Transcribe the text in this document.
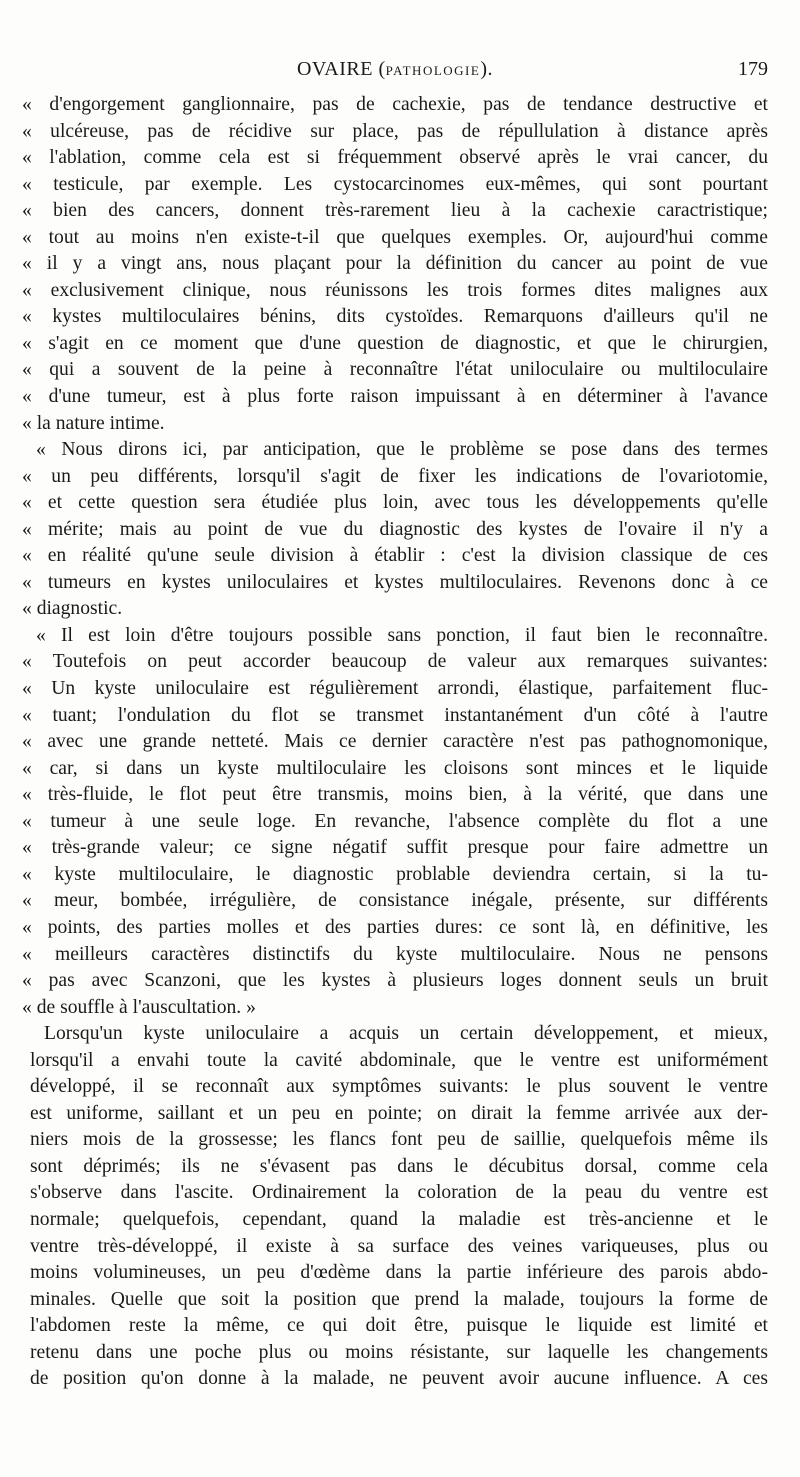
OVAIRE (PATHOLOGIE).	179
« d'engorgement ganglionnaire, pas de cachexie, pas de tendance destructive et
« ulcéreuse, pas de récidive sur place, pas de répullulation à distance après
« l'ablation, comme cela est si fréquemment observé après le vrai cancer, du
« testicule, par exemple. Les cystocarcinomes eux-mêmes, qui sont pourtant
« bien des cancers, donnent très-rarement lieu à la cachexie caractristique;
« tout au moins n'en existe-t-il que quelques exemples. Or, aujourd'hui comme
« il y a vingt ans, nous plaçant pour la définition du cancer au point de vue
« exclusivement clinique, nous réunissons les trois formes dites malignes aux
« kystes multiloculaires bénins, dits cystoïdes. Remarquons d'ailleurs qu'il ne
« s'agit en ce moment que d'une question de diagnostic, et que le chirurgien,
« qui a souvent de la peine à reconnaître l'état uniloculaire ou multiloculaire
« d'une tumeur, est à plus forte raison impuissant à en déterminer à l'avance
« la nature intime.
« Nous dirons ici, par anticipation, que le problème se pose dans des termes
« un peu différents, lorsqu'il s'agit de fixer les indications de l'ovariotomie,
« et cette question sera étudiée plus loin, avec tous les développements qu'elle
« mérite; mais au point de vue du diagnostic des kystes de l'ovaire il n'y a
« en réalité qu'une seule division à établir : c'est la division classique de ces
« tumeurs en kystes uniloculaires et kystes multiloculaires. Revenons donc à ce
« diagnostic.
« Il est loin d'être toujours possible sans ponction, il faut bien le reconnaître.
« Toutefois on peut accorder beaucoup de valeur aux remarques suivantes:
« Un kyste uniloculaire est régulièrement arrondi, élastique, parfaitement fluc-
« tuant; l'ondulation du flot se transmet instantanément d'un côté à l'autre
« avec une grande netteté. Mais ce dernier caractère n'est pas pathognomonique,
« car, si dans un kyste multiloculaire les cloisons sont minces et le liquide
« très-fluide, le flot peut être transmis, moins bien, à la vérité, que dans une
« tumeur à une seule loge. En revanche, l'absence complète du flot a une
« très-grande valeur; ce signe négatif suffit presque pour faire admettre un
« kyste multiloculaire, le diagnostic problable deviendra certain, si la tu-
« meur, bombée, irrégulière, de consistance inégale, présente, sur différents
« points, des parties molles et des parties dures: ce sont là, en définitive, les
« meilleurs caractères distinctifs du kyste multiloculaire. Nous ne pensons
« pas avec Scanzoni, que les kystes à plusieurs loges donnent seuls un bruit
« de souffle à l'auscultation. »
Lorsqu'un kyste uniloculaire a acquis un certain développement, et mieux,
lorsqu'il a envahi toute la cavité abdominale, que le ventre est uniformément
développé, il se reconnaît aux symptômes suivants: le plus souvent le ventre
est uniforme, saillant et un peu en pointe; on dirait la femme arrivée aux der-
niers mois de la grossesse; les flancs font peu de saillie, quelquefois même ils
sont déprimés; ils ne s'évasent pas dans le décubitus dorsal, comme cela
s'observe dans l'ascite. Ordinairement la coloration de la peau du ventre est
normale; quelquefois, cependant, quand la maladie est très-ancienne et le
ventre très-développé, il existe à sa surface des veines variqueuses, plus ou
moins volumineuses, un peu d'œdème dans la partie inférieure des parois abdo-
minales. Quelle que soit la position que prend la malade, toujours la forme de
l'abdomen reste la même, ce qui doit être, puisque le liquide est limité et
retenu dans une poche plus ou moins résistante, sur laquelle les changements
de position qu'on donne à la malade, ne peuvent avoir aucune influence. A ces
